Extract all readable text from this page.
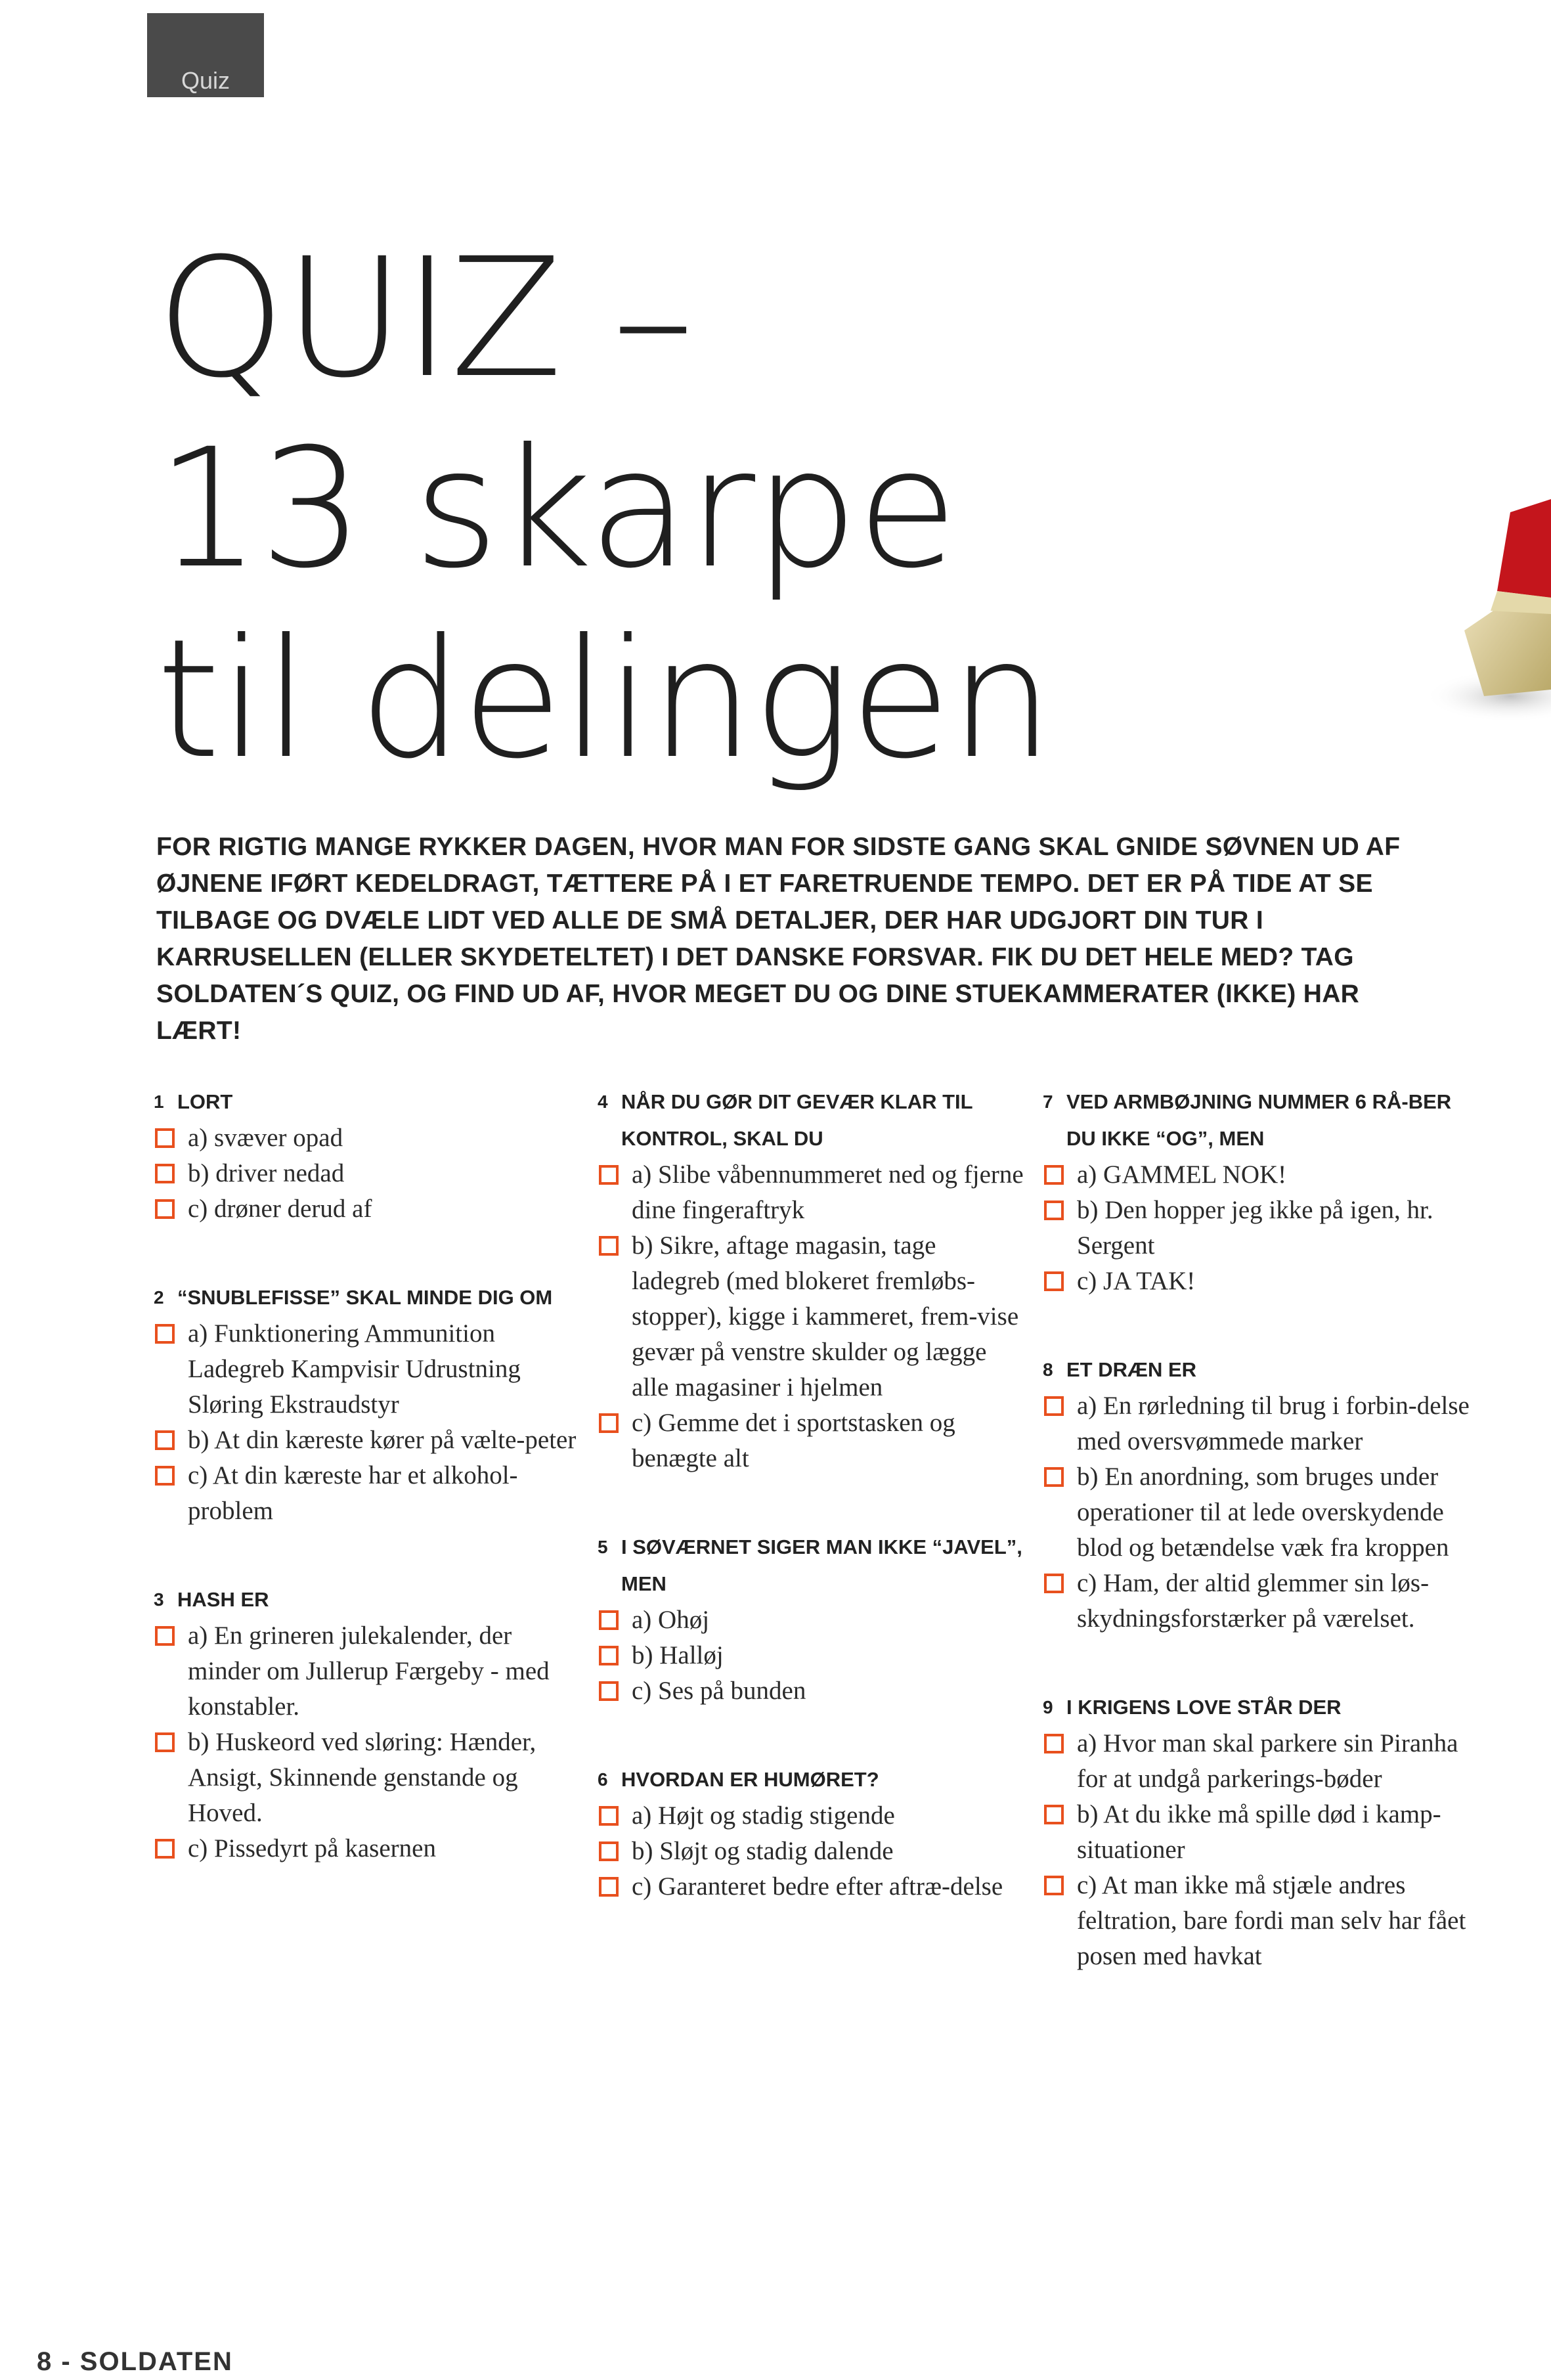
Quiz
QUIZ –
13 skarpe
til delingen

FOR RIGTIG MANGE RYKKER DAGEN, HVOR MAN FOR SIDSTE GANG SKAL GNIDE SØVNEN UD AF ØJNENE IFØRT KEDELDRAGT, TÆTTERE PÅ I ET FARETRUENDE TEMPO. DET ER PÅ TIDE AT SE TILBAGE OG DVÆLE LIDT VED ALLE DE SMÅ DETALJER, DER HAR UDGJORT DIN TUR I KARRUSELLEN (ELLER SKYDETELTET) I DET DANSKE FORSVAR. FIK DU DET HELE MED? TAG SOLDATEN´S QUIZ, OG FIND UD AF, HVOR MEGET DU OG DINE STUEKAMMERATER (IKKE) HAR LÆRT!

1 LORT
a) svæver opad
b) driver nedad
c) drøner derud af
2 “SNUBLEFISSE” SKAL MINDE DIG OM
a) Funktionering Ammunition Ladegreb Kampvisir Udrustning Sløring Ekstraudstyr
b) At din kæreste kører på vælte-peter
c) At din kæreste har et alkohol-problem
3 HASH ER
a) En grineren julekalender, der minder om Jullerup Færgeby - med konstabler.
b) Huskeord ved sløring: Hænder, Ansigt, Skinnende genstande og Hoved.
c) Pissedyrt på kasernen
4 NÅR DU GØR DIT GEVÆR KLAR TIL KONTROL, SKAL DU
a) Slibe våbennummeret ned og fjerne dine fingeraftryk
b) Sikre, aftage magasin, tage ladegreb (med blokeret fremløbs-stopper), kigge i kammeret, frem-vise gevær på venstre skulder og lægge alle magasiner i hjelmen
c) Gemme det i sportstasken og benægte alt
5 I SØVÆRNET SIGER MAN IKKE “JAVEL”, MEN
a) Ohøj
b) Halløj
c) Ses på bunden
6 HVORDAN ER HUMØRET?
a) Højt og stadig stigende
b) Sløjt og stadig dalende
c) Garanteret bedre efter aftræ-delse
7 VED ARMBØJNING NUMMER 6 RÅ-BER DU IKKE “OG”, MEN
a) GAMMEL NOK!
b) Den hopper jeg ikke på igen, hr. Sergent
c) JA TAK!
8 ET DRÆN ER
a) En rørledning til brug i forbin-delse med oversvømmede marker
b) En anordning, som bruges under operationer til at lede overskydende blod og betændelse væk fra kroppen
c) Ham, der altid glemmer sin løs-skydningsforstærker på værelset.
9 I KRIGENS LOVE STÅR DER
a) Hvor man skal parkere sin Piranha for at undgå parkerings-bøder
b) At du ikke må spille død i kamp-situationer
c) At man ikke må stjæle andres feltration, bare fordi man selv har fået posen med havkat
8 - SOLDATEN
